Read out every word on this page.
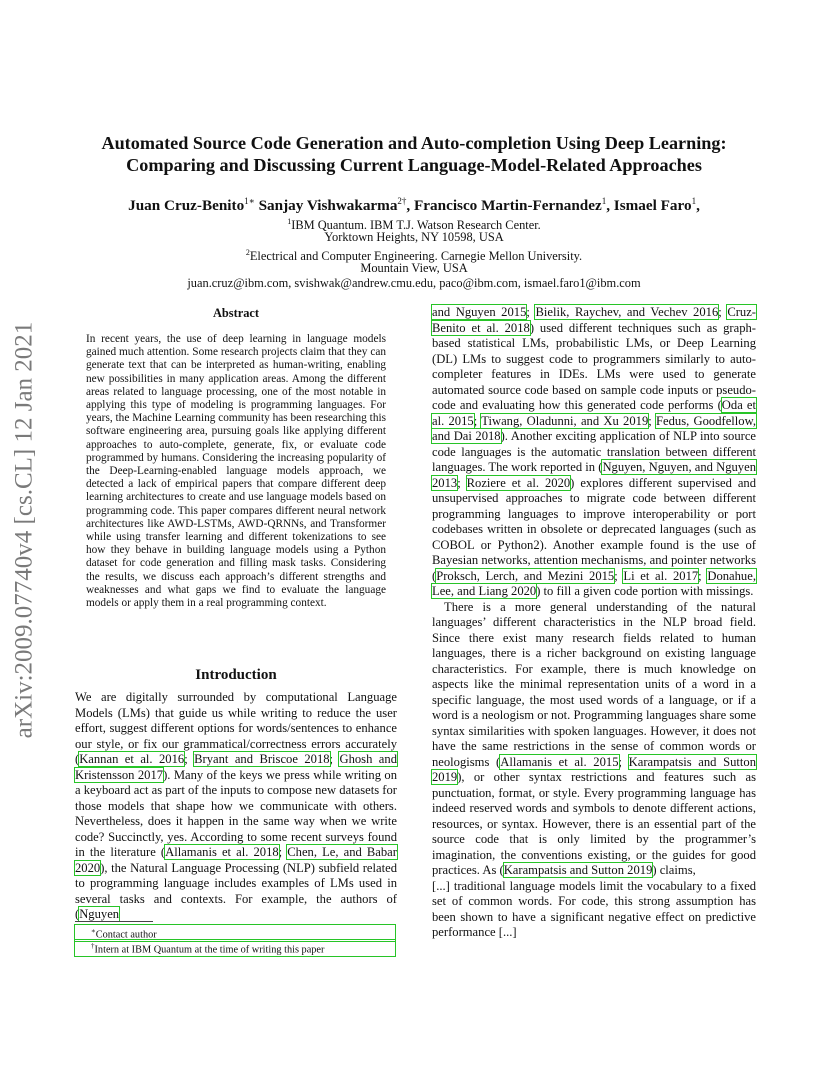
arXiv:2009.07740v4 [cs.CL] 12 Jan 2021
Automated Source Code Generation and Auto-completion Using Deep Learning:
Comparing and Discussing Current Language-Model-Related Approaches
Juan Cruz-Benito$^{1∗}$ Sanjay Vishwakarma$^{2\dagger}$, Francisco Martin-Fernandez$^1$, Ismael Faro$^1$,
$^1$IBM Quantum. IBM T.J. Watson Research Center.
Yorktown Heights, NY 10598, USA
$^2$Electrical and Computer Engineering. Carnegie Mellon University.
Mountain View, USA
juan.cruz@ibm.com, svishwak@andrew.cmu.edu, paco@ibm.com, ismael.faro1@ibm.com
Abstract
In recent years, the use of deep learning in language models gained much attention. Some research projects claim that they can generate text that can be interpreted as human-writing, enabling new possibilities in many application areas. Among the different areas related to language processing, one of the most notable in applying this type of modeling is programming languages. For years, the Machine Learning community has been researching this software engineering area, pursuing goals like applying different approaches to auto-complete, generate, fix, or evaluate code programmed by humans. Considering the increasing popularity of the Deep-Learning-enabled language models approach, we detected a lack of empirical papers that compare different deep learning architectures to create and use language models based on programming code. This paper compares different neural network architectures like AWD-LSTMs, AWD-QRNNs, and Transformer while using transfer learning and different tokenizations to see how they behave in building language models using a Python dataset for code generation and filling mask tasks. Considering the results, we discuss each approach’s different strengths and weaknesses and what gaps we find to evaluate the language models or apply them in a real programming context.
Introduction
We are digitally surrounded by computational Language Models (LMs) that guide us while writing to reduce the user effort, suggest different options for words/sentences to enhance our style, or fix our grammatical/correctness errors accurately (Kannan et al. 2016; Bryant and Briscoe 2018; Ghosh and Kristensson 2017). Many of the keys we press while writing on a keyboard act as part of the inputs to compose new datasets for those models that shape how we communicate with others. Nevertheless, does it happen in the same way when we write code? Succinctly, yes. According to some recent surveys found in the literature (Allamanis et al. 2018; Chen, Le, and Babar 2020), the Natural Language Processing (NLP) subfield related to programming language includes examples of LMs used in several tasks and contexts. For example, the authors of (Nguyen
∗Contact author
†Intern at IBM Quantum at the time of writing this paper

and Nguyen 2015; Bielik, Raychev, and Vechev 2016; Cruz-Benito et al. 2018) used different techniques such as graph-based statistical LMs, probabilistic LMs, or Deep Learning (DL) LMs to suggest code to programmers similarly to auto-completer features in IDEs. LMs were used to generate automated source code based on sample code inputs or pseudo-code and evaluating how this generated code performs (Oda et al. 2015; Tiwang, Oladunni, and Xu 2019; Fedus, Goodfellow, and Dai 2018). Another exciting application of NLP into source code languages is the automatic translation between different languages. The work reported in (Nguyen, Nguyen, and Nguyen 2013; Roziere et al. 2020) explores different supervised and unsupervised approaches to migrate code between different programming languages to improve interoperability or port codebases written in obsolete or deprecated languages (such as COBOL or Python2). Another example found is the use of Bayesian networks, attention mechanisms, and pointer networks (Proksch, Lerch, and Mezini 2015; Li et al. 2017; Donahue, Lee, and Liang 2020) to fill a given code portion with missings.

There is a more general understanding of the natural languages’ different characteristics in the NLP broad field. Since there exist many research fields related to human languages, there is a richer background on existing language characteristics. For example, there is much knowledge on aspects like the minimal representation units of a word in a specific language, the most used words of a language, or if a word is a neologism or not. Programming languages share some syntax similarities with spoken languages. However, it does not have the same restrictions in the sense of common words or neologisms (Allamanis et al. 2015; Karampatsis and Sutton 2019), or other syntax restrictions and features such as punctuation, format, or style. Every programming language has indeed reserved words and symbols to denote different actions, resources, or syntax. However, there is an essential part of the source code that is only limited by the programmer’s imagination, the conventions existing, or the guides for good practices. As (Karampatsis and Sutton 2019) claims,

[...] traditional language models limit the vocabulary to a fixed set of common words. For code, this strong assumption has been shown to have a significant negative effect on predictive performance [...]
